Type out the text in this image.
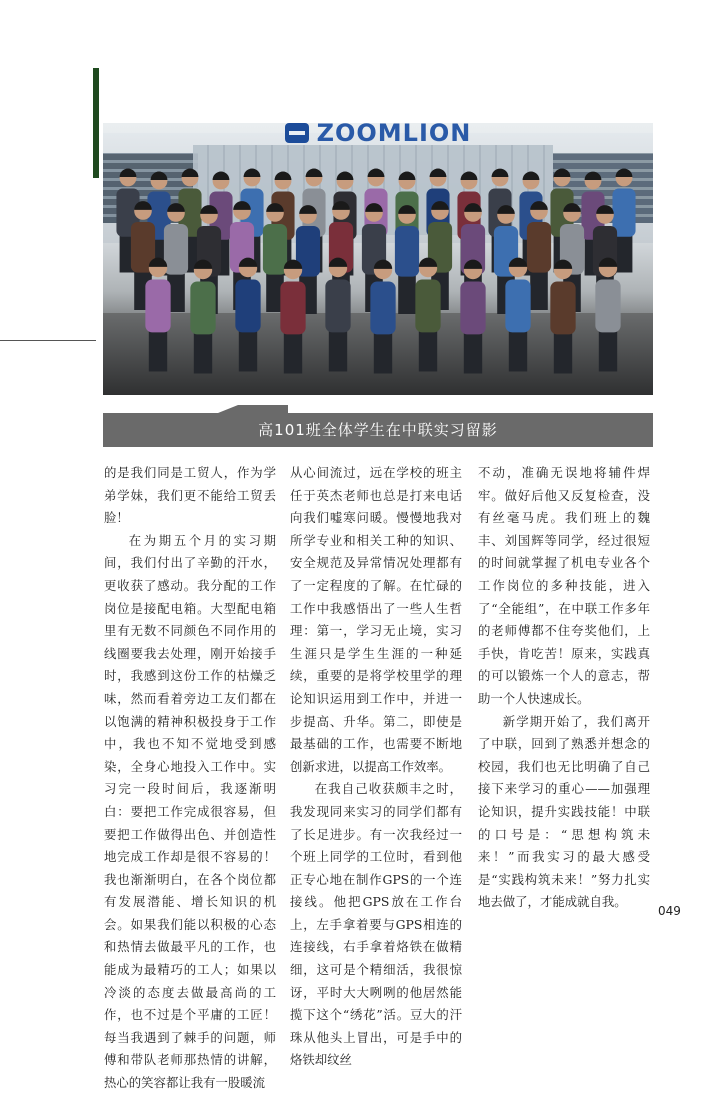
ZOOMLION
高101班全体学生在中联实习留影

的是我们同是工贸人，作为学弟学妹，我们更不能给工贸丢脸！

在为期五个月的实习期间，我们付出了辛勤的汗水，更收获了感动。我分配的工作岗位是接配电箱。大型配电箱里有无数不同颜色不同作用的线圈要我去处理，刚开始接手时，我感到这份工作的枯燥乏味，然而看着旁边工友们都在以饱满的精神积极投身于工作中，我也不知不觉地受到感染，全身心地投入工作中。实习完一段时间后，我逐渐明白：要把工作完成很容易，但要把工作做得出色、并创造性地完成工作却是很不容易的！我也渐渐明白，在各个岗位都有发展潜能、增长知识的机会。如果我们能以积极的心态和热情去做最平凡的工作，也能成为最精巧的工人；如果以冷淡的态度去做最高尚的工作，也不过是个平庸的工匠！每当我遇到了棘手的问题，师傅和带队老师那热情的讲解，热心的笑容都让我有一股暖流

从心间流过，远在学校的班主任于英杰老师也总是打来电话向我们嘘寒问暖。慢慢地我对所学专业和相关工种的知识、安全规范及异常情况处理都有了一定程度的了解。在忙碌的工作中我感悟出了一些人生哲理：第一，学习无止境，实习生涯只是学生生涯的一种延续，重要的是将学校里学的理论知识运用到工作中，并进一步提高、升华。第二，即使是最基础的工作，也需要不断地创新求进，以提高工作效率。

在我自己收获颇丰之时，我发现同来实习的同学们都有了长足进步。有一次我经过一个班上同学的工位时，看到他正专心地在制作GPS的一个连接线。他把GPS放在工作台上，左手拿着要与GPS相连的连接线，右手拿着烙铁在做精细，这可是个精细活，我很惊讶，平时大大咧咧的他居然能揽下这个“绣花”活。豆大的汗珠从他头上冒出，可是手中的烙铁却纹丝

不动，准确无误地将辅件焊牢。做好后他又反复检查，没有丝毫马虎。我们班上的魏丰、刘国辉等同学，经过很短的时间就掌握了机电专业各个工作岗位的多种技能，进入了“全能组”，在中联工作多年的老师傅都不住夸奖他们，上手快，肯吃苦！原来，实践真的可以锻炼一个人的意志，帮助一个人快速成长。

新学期开始了，我们离开了中联，回到了熟悉并想念的校园，我们也无比明确了自己接下来学习的重心——加强理论知识，提升实践技能！中联的口号是：“思想构筑未来！”而我实习的最大感受是“实践构筑未来！”努力扎实地去做了，才能成就自我。

049
